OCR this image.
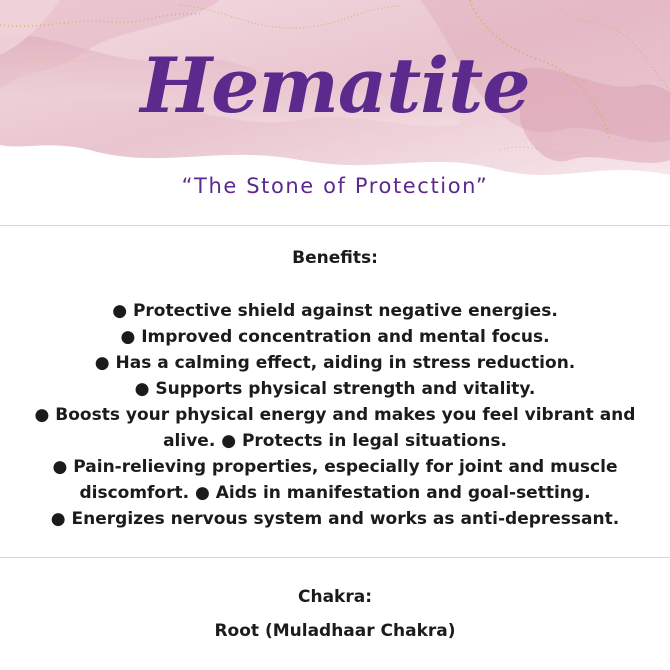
Hematite
“The Stone of Protection”
Benefits:
● Protective shield against negative energies.
● Improved concentration and mental focus.
● Has a calming effect, aiding in stress reduction.
● Supports physical strength and vitality.
● Boosts your physical energy and makes you feel vibrant and
alive. ● Protects in legal situations.
● Pain-relieving properties, especially for joint and muscle
discomfort. ● Aids in manifestation and goal-setting.
● Energizes nervous system and works as anti-depressant.
Chakra:
Root (Muladhaar Chakra)
